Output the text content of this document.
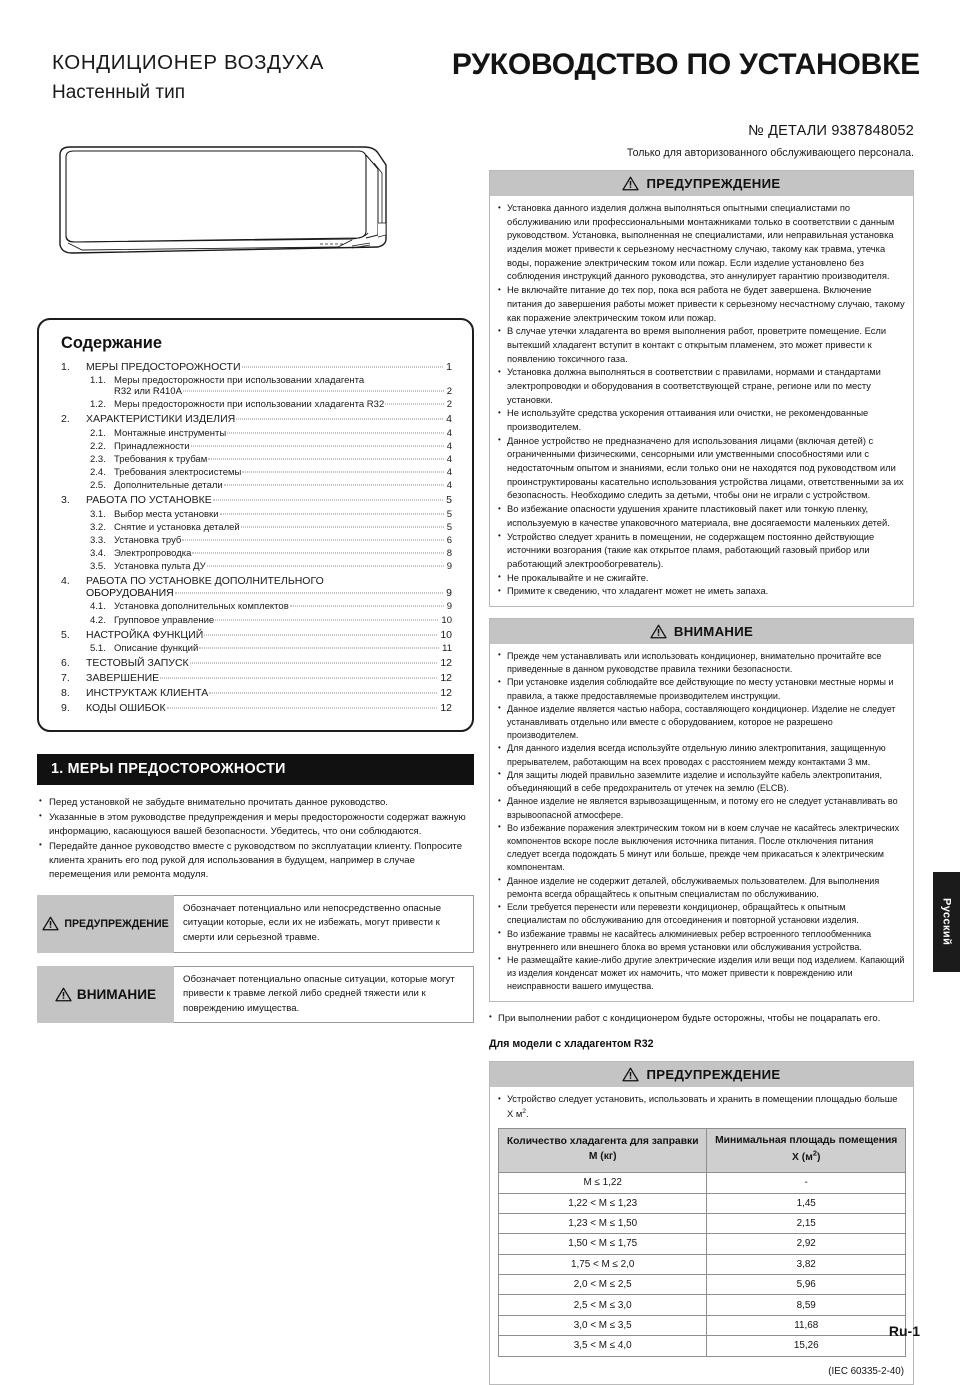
КОНДИЦИОНЕР ВОЗДУХА
Настенный тип
РУКОВОДСТВО ПО УСТАНОВКЕ
№ ДЕТАЛИ 9387848052
Только для авторизованного обслуживающего персонала.
ПРЕДУПРЕЖДЕНИЕ
• Установка данного изделия должна выполняться опытными специалистами по обслуживанию или профессиональными монтажниками только в соответствии с данным руководством. Установка, выполненная не специалистами, или неправильная установка изделия может привести к серьезному несчастному случаю, такому как травма, утечка воды, поражение электрическим током или пожар. Если изделие установлено без соблюдения инструкций данного руководства, это аннулирует гарантию производителя.
• Не включайте питание до тех пор, пока вся работа не будет завершена. Включение питания до завершения работы может привести к серьезному несчастному случаю, такому как поражение электрическим током или пожар.
• В случае утечки хладагента во время выполнения работ, проветрите помещение. Если вытекший хладагент вступит в контакт с открытым пламенем, это может привести к появлению токсичного газа.
• Установка должна выполняться в соответствии с правилами, нормами и стандартами электропроводки и оборудования в соответствующей стране, регионе или по месту установки.
• Не используйте средства ускорения оттаивания или очистки, не рекомендованные производителем.
• Данное устройство не предназначено для использования лицами (включая детей) с ограниченными физическими, сенсорными или умственными способностями или с недостаточным опытом и знаниями, если только они не находятся под руководством или проинструктированы касательно использования устройства лицами, ответственными за их безопасность. Необходимо следить за детьми, чтобы они не играли с устройством.
• Во избежание опасности удушения храните пластиковый пакет или тонкую пленку, используемую в качестве упаковочного материала, вне досягаемости маленьких детей.
• Устройство следует хранить в помещении, не содержащем постоянно действующие источники возгорания (такие как открытое пламя, работающий газовый прибор или работающий электрообогреватель).
• Не прокалывайте и не сжигайте.
• Примите к сведению, что хладагент может не иметь запаха.
ВНИМАНИЕ
• Прежде чем устанавливать или использовать кондиционер, внимательно прочитайте все приведенные в данном руководстве правила техники безопасности.
• При установке изделия соблюдайте все действующие по месту установки местные нормы и правила, а также предоставляемые производителем инструкции.
• Данное изделие является частью набора, составляющего кондиционер. Изделие не следует устанавливать отдельно или вместе с оборудованием, которое не разрешено производителем.
• Для данного изделия всегда используйте отдельную линию электропитания, защищенную прерывателем, работающим на всех проводах с расстоянием между контактами 3 мм.
• Для защиты людей правильно заземлите изделие и используйте кабель электропитания, объединяющий в себе предохранитель от утечек на землю (ELCB).
• Данное изделие не является взрывозащищенным, и потому его не следует устанавливать во взрывоопасной атмосфере.
• Во избежание поражения электрическим током ни в коем случае не касайтесь электрических компонентов вскоре после выключения источника питания. После отключения питания следует всегда подождать 5 минут или больше, прежде чем прикасаться к электрическим компонентам.
• Данное изделие не содержит деталей, обслуживаемых пользователем. Для выполнения ремонта всегда обращайтесь к опытным специалистам по обслуживанию.
• Если требуется перенести или перевезти кондиционер, обращайтесь к опытным специалистам по обслуживанию для отсоединения и повторной установки изделия.
• Во избежание травмы не касайтесь алюминиевых ребер встроенного теплообменника внутреннего или внешнего блока во время установки или обслуживания устройства.
• Не размещайте какие-либо другие электрические изделия или вещи под изделием. Капающий из изделия конденсат может их намочить, что может привести к повреждению или неисправности вашего имущества.
• При выполнении работ с кондиционером будьте осторожны, чтобы не поцарапать его.
Для модели с хладагентом R32
ПРЕДУПРЕЖДЕНИЕ
• Устройство следует установить, использовать и хранить в помещении площадью больше X $м^2$.
Количество хладагента для заправки
M (кг)	Минимальная площадь помещения
X $(м^2)$
M ≤ 1,22	-
1,22 < M ≤ 1,23	1,45
1,23 < M ≤ 1,50	2,15
1,50 < M ≤ 1,75	2,92
1,75 < M ≤ 2,0	3,82
2,0 < M ≤ 2,5	5,96
2,5 < M ≤ 3,0	8,59
3,0 < M ≤ 3,5	11,68
3,5 < M ≤ 4,0	15,26
(IEC 60335-2-40)
Содержание
1.	МЕРЫ ПРЕДОСТОРОЖНОСТИ	1
1.1. Меры предосторожности при использовании хладагента
R32 или R410A	2
1.2. Меры предосторожности при использовании хладагента R32	2
2.	ХАРАКТЕРИСТИКИ ИЗДЕЛИЯ	4
2.1. Монтажные инструменты	4
2.2. Принадлежности	4
2.3. Требования к трубам	4
2.4. Требования электросистемы	4
2.5. Дополнительные детали	4
3.	РАБОТА ПО УСТАНОВКЕ	5
3.1. Выбор места установки	5
3.2. Снятие и установка деталей	5
3.3. Установка труб	6
3.4. Электропроводка	8
3.5. Установка пульта ДУ	9
4.	РАБОТА ПО УСТАНОВКЕ ДОПОЛНИТЕЛЬНОГО
ОБОРУДОВАНИЯ	9
4.1. Установка дополнительных комплектов	9
4.2. Групповое управление	10
5.	НАСТРОЙКА ФУНКЦИЙ	10
5.1. Описание функций	11
6.	ТЕСТОВЫЙ ЗАПУСК	12
7.	ЗАВЕРШЕНИЕ	12
8.	ИНСТРУКТАЖ КЛИЕНТА	12
9.	КОДЫ ОШИБОК	12
1. МЕРЫ ПРЕДОСТОРОЖНОСТИ
• Перед установкой не забудьте внимательно прочитать данное руководство.
• Указанные в этом руководстве предупреждения и меры предосторожности содержат важную информацию, касающуюся вашей безопасности. Убедитесь, что они соблюдаются.
• Передайте данное руководство вместе с руководством по эксплуатации клиенту. Попросите клиента хранить его под рукой для использования в будущем, например в случае перемещения или ремонта модуля.
ПРЕДУПРЕЖДЕНИЕ
Обозначает потенциально или непосредственно опасные ситуации которые, если их не избежать, могут привести к смерти или серьезной травме.
ВНИМАНИЕ
Обозначает потенциально опасные ситуации, которые могут привести к травме легкой либо средней тяжести или к повреждению имущества.
Русский
Ru-1
